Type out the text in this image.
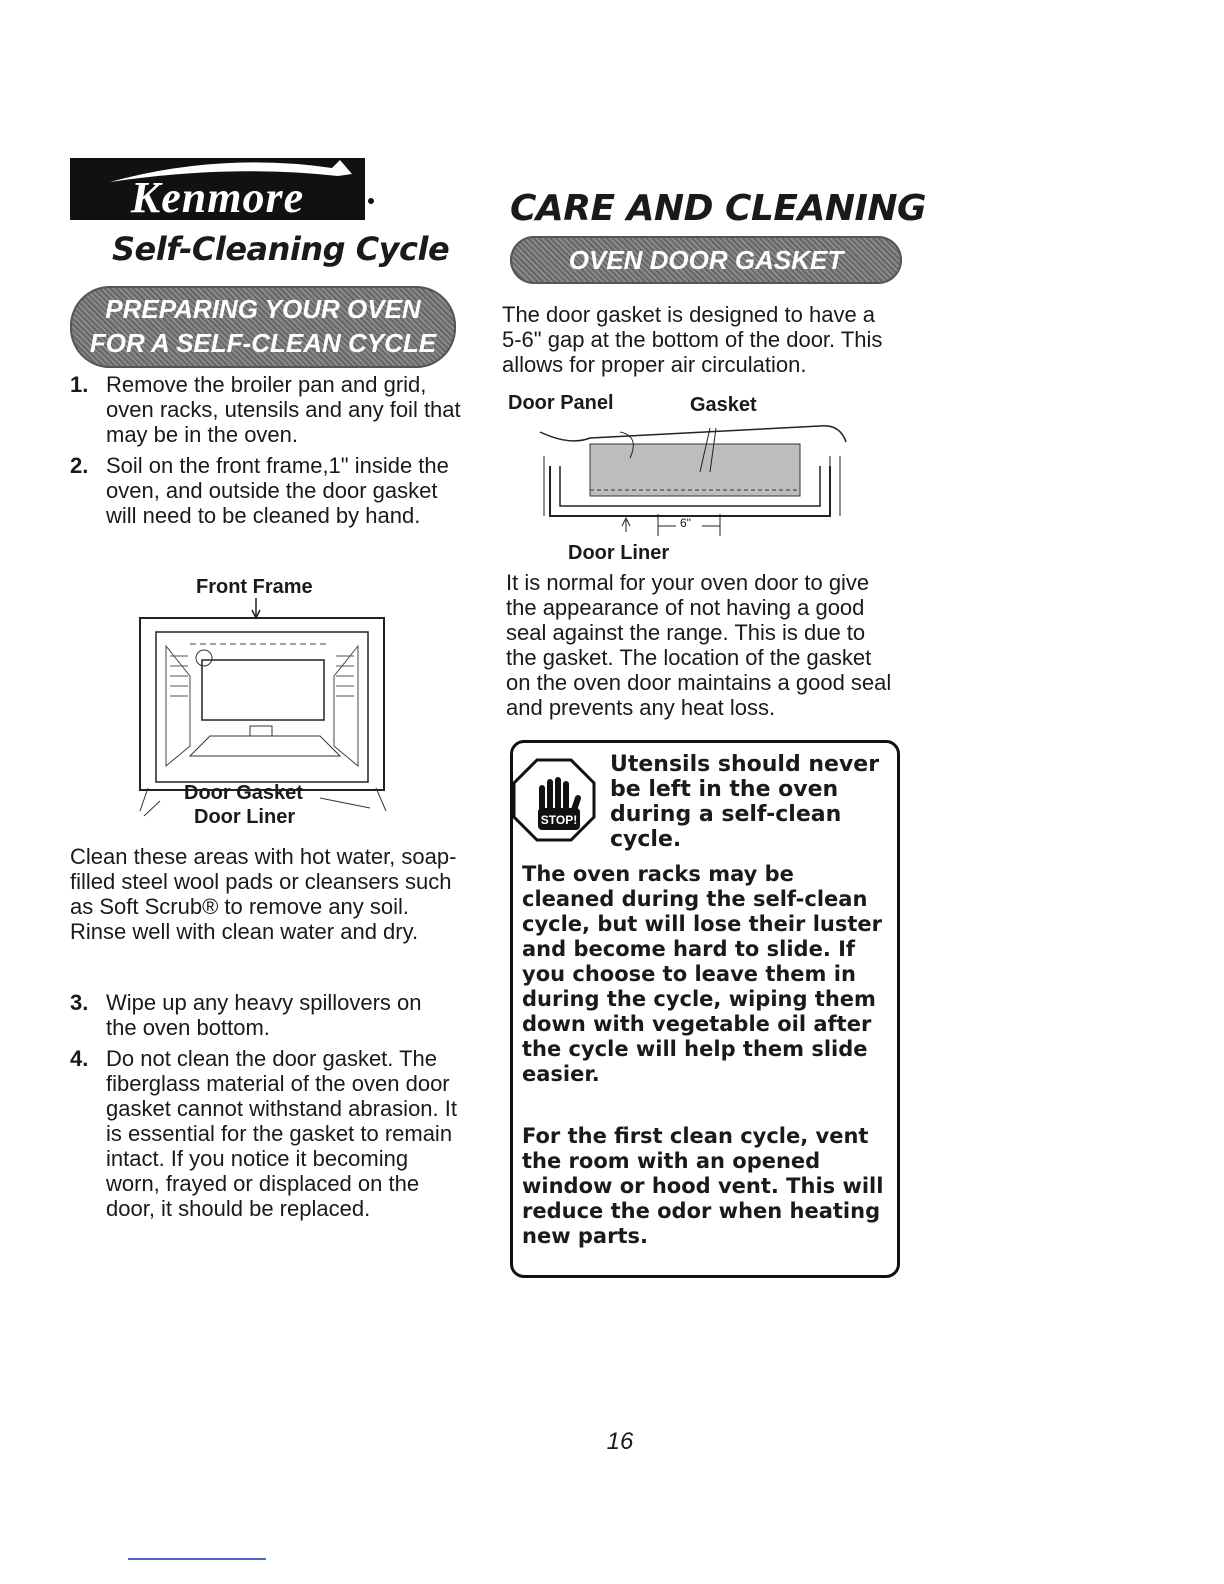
Kenmore
Self-Cleaning Cycle
PREPARING YOUR OVEN
FOR A SELF-CLEAN CYCLE
1. Remove the broiler pan and grid, oven racks, utensils and any foil that may be in the oven.
2. Soil on the front frame,1" inside the oven, and outside the door gasket will need to be cleaned by hand.
Front Frame
Door Gasket
Door Liner
Clean these areas with hot water, soap-filled steel wool pads or cleansers such as Soft Scrub® to remove any soil. Rinse well with clean water and dry.
3. Wipe up any heavy spillovers on the oven bottom.
4. Do not clean the door gasket. The fiberglass material of the oven door gasket cannot withstand abrasion. It is essential for the gasket to remain intact. If you notice it becoming worn, frayed or displaced on the door, it should be replaced.
CARE AND CLEANING
OVEN DOOR GASKET
The door gasket is designed to have a 5-6" gap at the bottom of the door. This allows for proper air circulation.
Door Panel	Gasket
6"
Door Liner
It is normal for your oven door to give the appearance of not having a good seal against the range. This is due to the gasket. The location of the gasket on the oven door maintains a good seal and prevents any heat loss.
STOP!
Utensils should never be left in the oven during a self-clean cycle.
The oven racks may be cleaned during the self-clean cycle, but will lose their luster and become hard to slide. If you choose to leave them in during the cycle, wiping them down with vegetable oil after the cycle will help them slide easier.
For the first clean cycle, vent the room with an opened window or hood vent. This will reduce the odor when heating new parts.
16
